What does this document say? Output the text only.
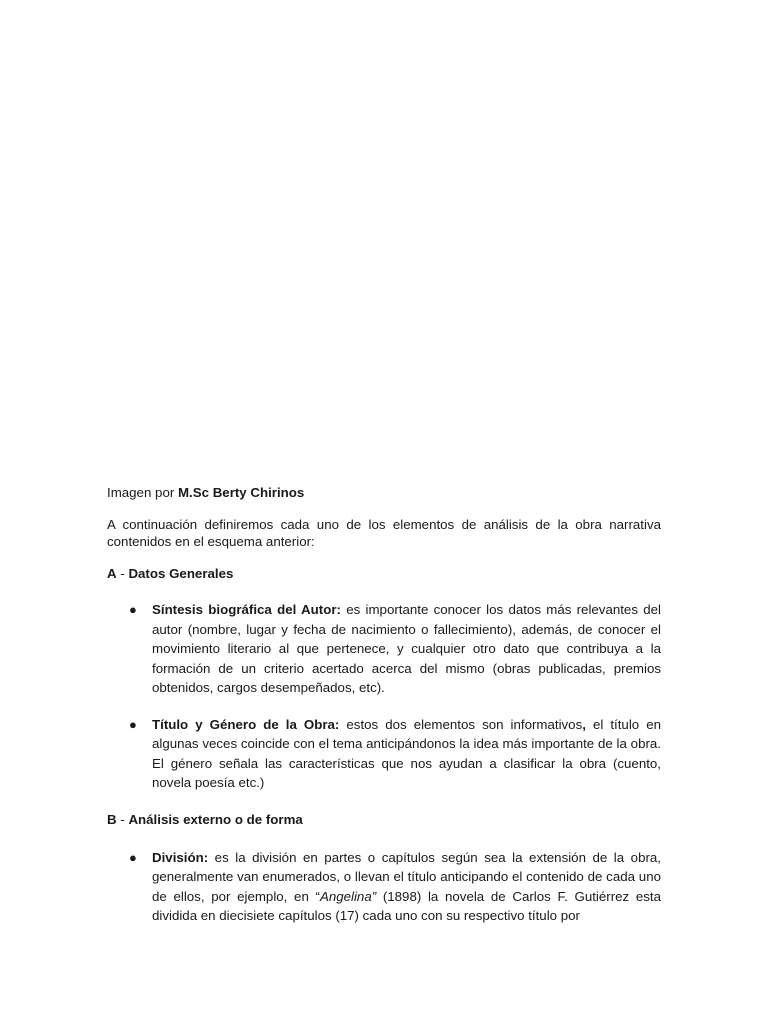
Imagen por M.Sc Berty Chirinos

A continuación definiremos cada uno de los elementos de análisis de la obra narrativa contenidos en el esquema anterior:

A - Datos Generales

● Síntesis biográfica del Autor: es importante conocer los datos más relevantes del autor (nombre, lugar y fecha de nacimiento o fallecimiento), además, de conocer el movimiento literario al que pertenece, y cualquier otro dato que contribuya a la formación de un criterio acertado acerca del mismo (obras publicadas, premios obtenidos, cargos desempeñados, etc).
● Título y Género de la Obra: estos dos elementos son informativos, el título en algunas veces coincide con el tema anticipándonos la idea más importante de la obra. El género señala las características que nos ayudan a clasificar la obra (cuento, novela poesía etc.)

B - Análisis externo o de forma

● División: es la división en partes o capítulos según sea la extensión de la obra, generalmente van enumerados, o llevan el título anticipando el contenido de cada uno de ellos, por ejemplo, en “Angelina” (1898) la novela de Carlos F. Gutiérrez esta dividida en diecisiete capítulos (17) cada uno con su respectivo título por
